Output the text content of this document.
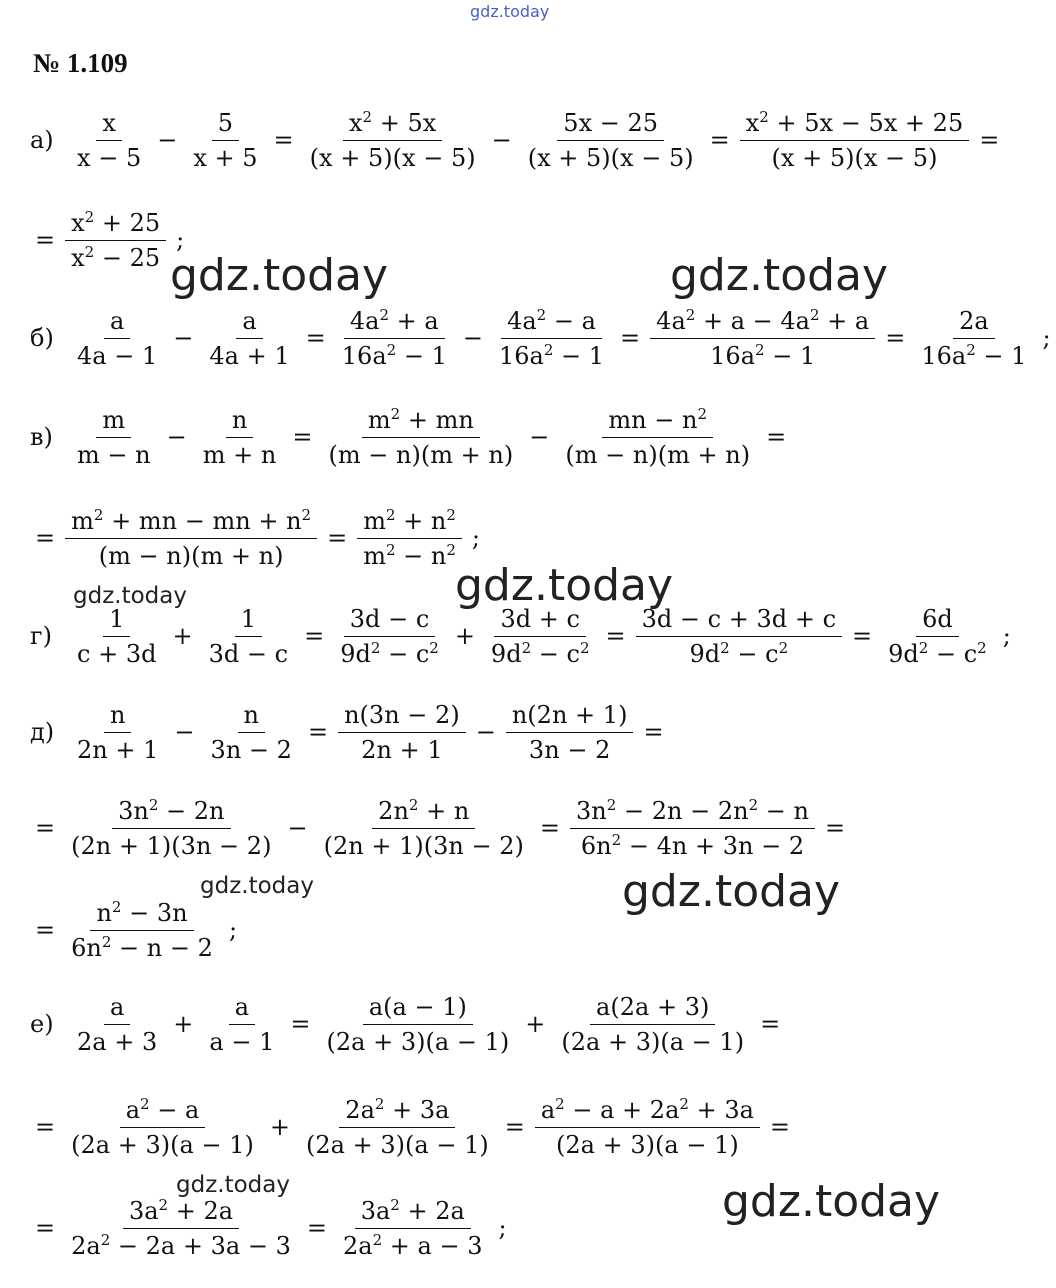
gdz.today
№ 1.109
$а) \frac{x}{x - 5} - \frac{5}{x + 5} = \frac{x^2 + 5x}{(x + 5)(x - 5)} - \frac{5x - 25}{(x + 5)(x - 5)} = \frac{x^2 + 5x - 5x + 25}{(x + 5)(x - 5)}$ =
= $\frac{x^2 + 25}{x^2 - 25}$ ;
$б) \frac{a}{4a - 1} - \frac{a}{4a + 1} = \frac{4a^2 + a}{16a^2 - 1} - \frac{4a^2 - a}{16a^2 - 1} = \frac{4a^2 + a - 4a^2 + a}{16a^2 - 1} = \frac{2a}{16a^2 - 1}$ ;
$в) \frac{m}{m - n} - \frac{n}{m + n} = \frac{m^2 + mn}{(m - n)(m + n)} - \frac{mn - n^2}{(m - n)(m + n)}$ =
= $\frac{m^2 + mn - mn + n^2}{(m - n)(m + n)} = \frac{m^2 + n^2}{m^2 - n^2}$ ;
$г) \frac{1}{c + 3d} + \frac{1}{3d - c} = \frac{3d - c}{9d^2 - c^2} + \frac{3d + c}{9d^2 - c^2} = \frac{3d - c + 3d + c}{9d^2 - c^2} = \frac{6d}{9d^2 - c^2}$ ;
$д) \frac{n}{2n + 1} - \frac{n}{3n - 2} = \frac{n(3n - 2)}{2n + 1} - \frac{n(2n + 1)}{3n - 2}$ =
= $\frac{3n^2 - 2n}{(2n + 1)(3n - 2)} - \frac{2n^2 + n}{(2n + 1)(3n - 2)} = \frac{3n^2 - 2n - 2n^2 - n}{6n^2 - 4n + 3n - 2}$ =
= $\frac{n^2 - 3n}{6n^2 - n - 2}$ ;
$е) \frac{a}{2a + 3} + \frac{a}{a - 1} = \frac{a(a - 1)}{(2a + 3)(a - 1)} + \frac{a(2a + 3)}{(2a + 3)(a - 1)}$ =
= $\frac{a^2 - a}{(2a + 3)(a - 1)} + \frac{2a^2 + 3a}{(2a + 3)(a - 1)} = \frac{a^2 - a + 2a^2 + 3a}{(2a + 3)(a - 1)}$ =
= $\frac{3a^2 + 2a}{2a^2 - 2a + 3a - 3} = \frac{3a^2 + 2a}{2a^2 + a - 3}$ ;
gdz.today	gdz.today
gdz.today
gdz.today
gdz.today	gdz.today
gdz.today	gdz.today
